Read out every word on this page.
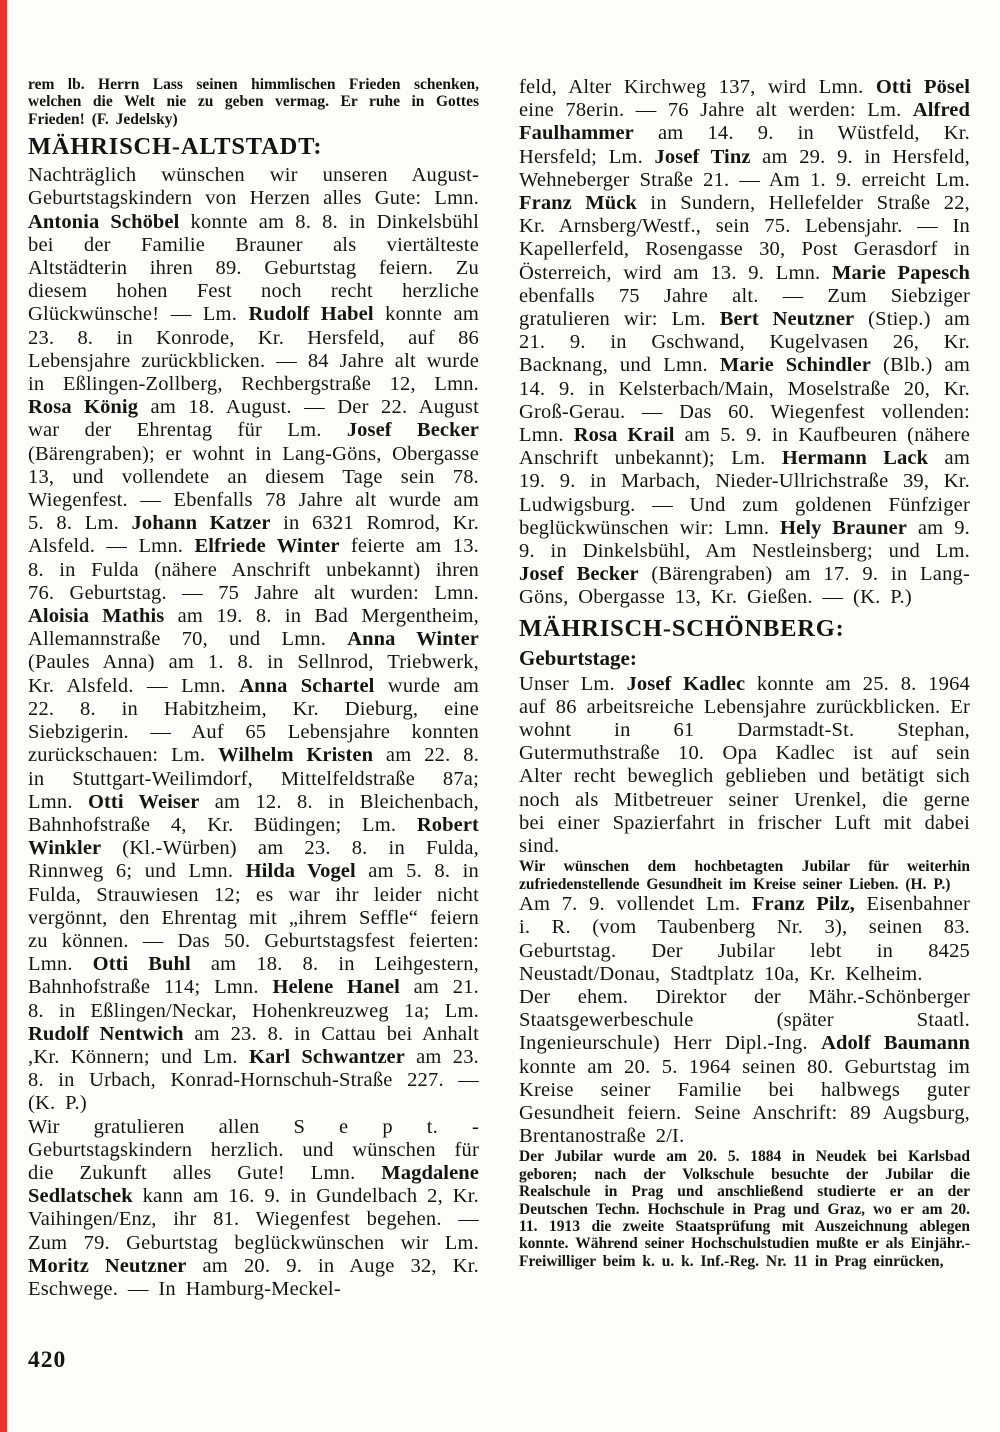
rem lb. Herrn Lass seinen himmlischen Frieden schenken, welchen die Welt nie zu geben vermag. Er ruhe in Gottes Frieden! (F. Jedelsky)

MÄHRISCH-ALTSTADT:

Nachträglich wünschen wir unseren August-Geburtstagskindern von Herzen alles Gute: Lmn. Antonia Schöbel konnte am 8. 8. in Dinkelsbühl bei der Familie Brauner als viertälteste Altstädterin ihren 89. Geburtstag feiern. Zu diesem hohen Fest noch recht herzliche Glückwünsche! — Lm. Rudolf Habel konnte am 23. 8. in Konrode, Kr. Hersfeld, auf 86 Lebensjahre zurückblicken. — 84 Jahre alt wurde in Eßlingen-Zollberg, Rechbergstraße 12, Lmn. Rosa König am 18. August. — Der 22. August war der Ehrentag für Lm. Josef Becker (Bärengraben); er wohnt in Lang-Göns, Obergasse 13, und vollendete an diesem Tage sein 78. Wiegenfest. — Ebenfalls 78 Jahre alt wurde am 5. 8. Lm. Johann Katzer in 6321 Romrod, Kr. Alsfeld. — Lmn. Elfriede Winter feierte am 13. 8. in Fulda (nähere Anschrift unbekannt) ihren 76. Geburtstag. — 75 Jahre alt wurden: Lmn. Aloisia Mathis am 19. 8. in Bad Mergentheim, Allemannstraße 70, und Lmn. Anna Winter (Paules Anna) am 1. 8. in Sellnrod, Triebwerk, Kr. Alsfeld. — Lmn. Anna Schartel wurde am 22. 8. in Habitzheim, Kr. Dieburg, eine Siebzigerin. — Auf 65 Lebensjahre konnten zurückschauen: Lm. Wilhelm Kristen am 22. 8. in Stuttgart-Weilimdorf, Mittelfeldstraße 87a; Lmn. Otti Weiser am 12. 8. in Bleichenbach, Bahnhofstraße 4, Kr. Büdingen; Lm. Robert Winkler (Kl.-Würben) am 23. 8. in Fulda, Rinnweg 6; und Lmn. Hilda Vogel am 5. 8. in Fulda, Strauwiesen 12; es war ihr leider nicht vergönnt, den Ehrentag mit „ihrem Seffle“ feiern zu können. — Das 50. Geburtstagsfest feierten: Lmn. Otti Buhl am 18. 8. in Leihgestern, Bahnhofstraße 114; Lmn. Helene Hanel am 21. 8. in Eßlingen/Neckar, Hohenkreuzweg 1a; Lm. Rudolf Nentwich am 23. 8. in Cattau bei Anhalt ,Kr. Könnern; und Lm. Karl Schwantzer am 23. 8. in Urbach, Konrad-Hornschuh-Straße 227. — (K. P.)

Wir gratulieren allen S e p t. - Geburtstagskindern herzlich. und wünschen für die Zukunft alles Gute! Lmn. Magdalene Sedlatschek kann am 16. 9. in Gundelbach 2, Kr. Vaihingen/Enz, ihr 81. Wiegenfest begehen. — Zum 79. Geburtstag beglückwünschen wir Lm. Moritz Neutzner am 20. 9. in Auge 32, Kr. Eschwege. — In Hamburg-Meckel-

420

feld, Alter Kirchweg 137, wird Lmn. Otti Pösel eine 78erin. — 76 Jahre alt werden: Lm. Alfred Faulhammer am 14. 9. in Wüstfeld, Kr. Hersfeld; Lm. Josef Tinz am 29. 9. in Hersfeld, Wehneberger Straße 21. — Am 1. 9. erreicht Lm. Franz Mück in Sundern, Hellefelder Straße 22, Kr. Arnsberg/Westf., sein 75. Lebensjahr. — In Kapellerfeld, Rosengasse 30, Post Gerasdorf in Österreich, wird am 13. 9. Lmn. Marie Papesch ebenfalls 75 Jahre alt. — Zum Siebziger gratulieren wir: Lm. Bert Neutzner (Stiep.) am 21. 9. in Gschwand, Kugelvasen 26, Kr. Backnang, und Lmn. Marie Schindler (Blb.) am 14. 9. in Kelsterbach/Main, Moselstraße 20, Kr. Groß-Gerau. — Das 60. Wiegenfest vollenden: Lmn. Rosa Krail am 5. 9. in Kaufbeuren (nähere Anschrift unbekannt); Lm. Hermann Lack am 19. 9. in Marbach, Nieder-Ullrichstraße 39, Kr. Ludwigsburg. — Und zum goldenen Fünfziger beglückwünschen wir: Lmn. Hely Brauner am 9. 9. in Dinkelsbühl, Am Nestleinsberg; und Lm. Josef Becker (Bärengraben) am 17. 9. in Lang-Göns, Obergasse 13, Kr. Gießen. — (K. P.)

MÄHRISCH-SCHÖNBERG:
Geburtstage:

Unser Lm. Josef Kadlec konnte am 25. 8. 1964 auf 86 arbeitsreiche Lebensjahre zurückblicken. Er wohnt in 61 Darmstadt-St. Stephan, Gutermuthstraße 10. Opa Kadlec ist auf sein Alter recht beweglich geblieben und betätigt sich noch als Mitbetreuer seiner Urenkel, die gerne bei einer Spazierfahrt in frischer Luft mit dabei sind.

Wir wünschen dem hochbetagten Jubilar für weiterhin zufriedenstellende Gesundheit im Kreise seiner Lieben. (H. P.)

Am 7. 9. vollendet Lm. Franz Pilz, Eisenbahner i. R. (vom Taubenberg Nr. 3), seinen 83. Geburtstag. Der Jubilar lebt in 8425 Neustadt/Donau, Stadtplatz 10a, Kr. Kelheim.

Der ehem. Direktor der Mähr.-Schönberger Staatsgewerbeschule (später Staatl. Ingenieurschule) Herr Dipl.-Ing. Adolf Baumann konnte am 20. 5. 1964 seinen 80. Geburtstag im Kreise seiner Familie bei halbwegs guter Gesundheit feiern. Seine Anschrift: 89 Augsburg, Brentanostraße 2/I.

Der Jubilar wurde am 20. 5. 1884 in Neudek bei Karlsbad geboren; nach der Volkschule besuchte der Jubilar die Realschule in Prag und anschließend studierte er an der Deutschen Techn. Hochschule in Prag und Graz, wo er am 20. 11. 1913 die zweite Staatsprüfung mit Auszeichnung ablegen konnte. Während seiner Hochschulstudien mußte er als Einjähr.-Freiwilliger beim k. u. k. Inf.-Reg. Nr. 11 in Prag einrücken,
